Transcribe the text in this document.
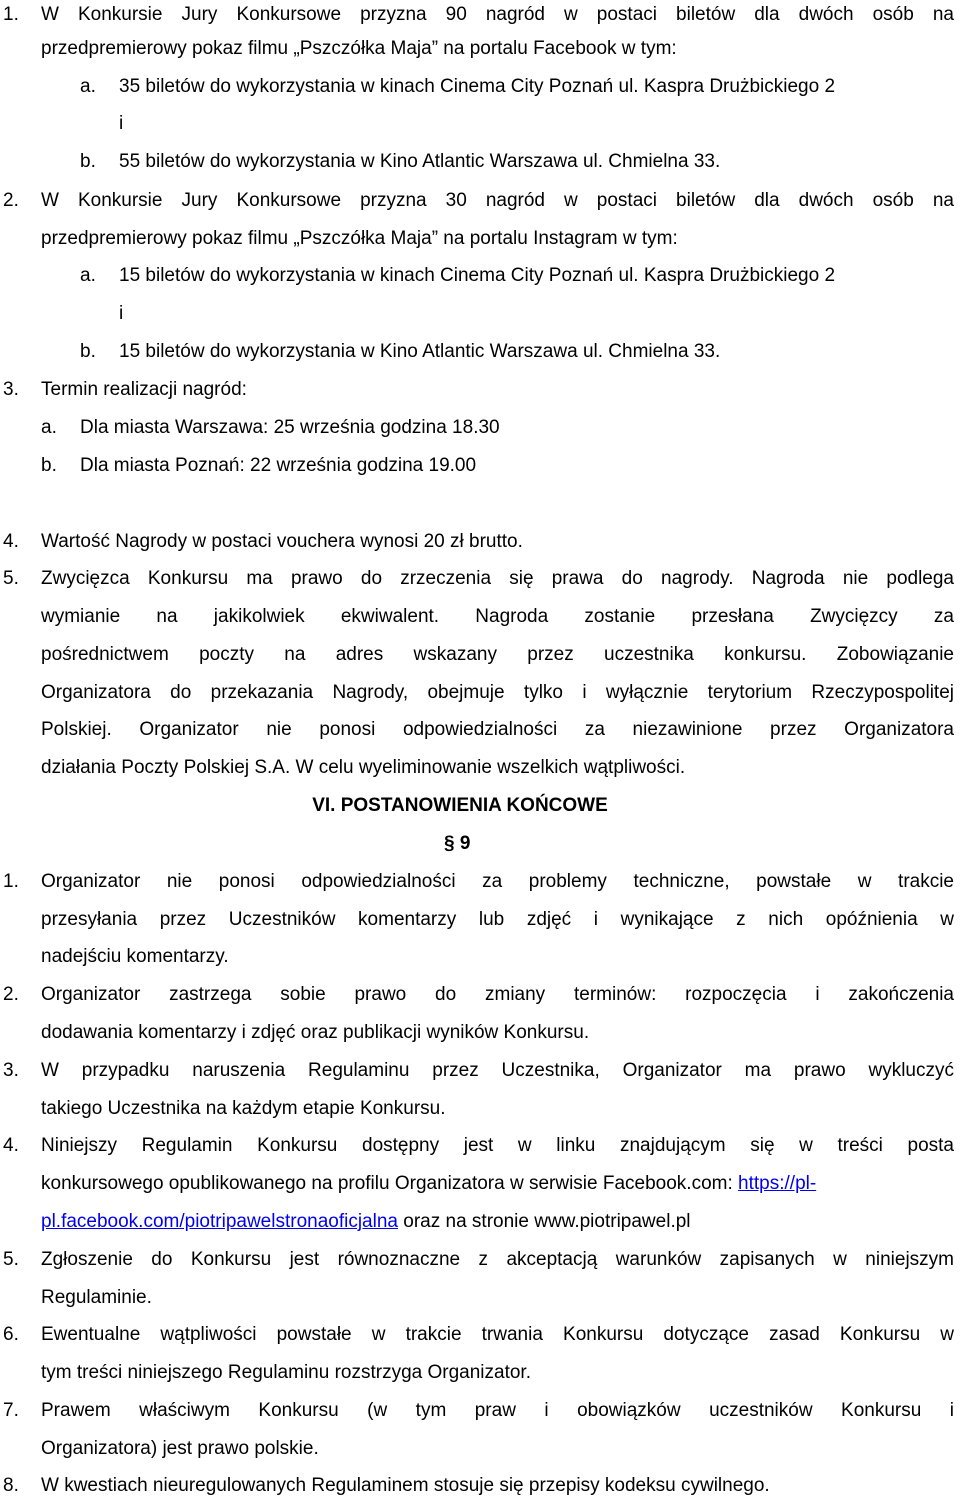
1. W Konkursie Jury Konkursowe przyzna 90 nagród w postaci biletów dla dwóch osób na
przedpremierowy pokaz filmu „Pszczółka Maja” na portalu Facebook w tym:
a. 35 biletów do wykorzystania w kinach Cinema City Poznań ul. Kaspra Drużbickiego 2
i
b. 55 biletów do wykorzystania w Kino Atlantic Warszawa ul. Chmielna 33.
2. W Konkursie Jury Konkursowe przyzna 30 nagród w postaci biletów dla dwóch osób na
przedpremierowy pokaz filmu „Pszczółka Maja” na portalu Instagram w tym:
a. 15 biletów do wykorzystania w kinach Cinema City Poznań ul. Kaspra Drużbickiego 2
i
b. 15 biletów do wykorzystania w Kino Atlantic Warszawa ul. Chmielna 33.
3. Termin realizacji nagród:
a. Dla miasta Warszawa: 25 września godzina 18.30
b. Dla miasta Poznań: 22 września godzina 19.00
4. Wartość Nagrody w postaci vouchera wynosi 20 zł brutto.
5. Zwycięzca Konkursu ma prawo do zrzeczenia się prawa do nagrody. Nagroda nie podlega
wymianie na jakikolwiek ekwiwalent. Nagroda zostanie przesłana Zwycięzcy za
pośrednictwem poczty na adres wskazany przez uczestnika konkursu. Zobowiązanie
Organizatora do przekazania Nagrody, obejmuje tylko i wyłącznie terytorium Rzeczypospolitej
Polskiej. Organizator nie ponosi odpowiedzialności za niezawinione przez Organizatora
działania Poczty Polskiej S.A. W celu wyeliminowanie wszelkich wątpliwości.
VI. POSTANOWIENIA KOŃCOWE
§ 9
1. Organizator nie ponosi odpowiedzialności za problemy techniczne, powstałe w trakcie
przesyłania przez Uczestników komentarzy lub zdjęć i wynikające z nich opóźnienia w
nadejściu komentarzy.
2. Organizator zastrzega sobie prawo do zmiany terminów: rozpoczęcia i zakończenia
dodawania komentarzy i zdjęć oraz publikacji wyników Konkursu.
3. W przypadku naruszenia Regulaminu przez Uczestnika, Organizator ma prawo wykluczyć
takiego Uczestnika na każdym etapie Konkursu.
4. Niniejszy Regulamin Konkursu dostępny jest w linku znajdującym się w treści posta
konkursowego opublikowanego na profilu Organizatora w serwisie Facebook.com: https://pl-
pl.facebook.com/piotripawelstronaoficjalna oraz na stronie www.piotripawel.pl
5. Zgłoszenie do Konkursu jest równoznaczne z akceptacją warunków zapisanych w niniejszym
Regulaminie.
6. Ewentualne wątpliwości powstałe w trakcie trwania Konkursu dotyczące zasad Konkursu w
tym treści niniejszego Regulaminu rozstrzyga Organizator.
7. Prawem właściwym Konkursu (w tym praw i obowiązków uczestników Konkursu i
Organizatora) jest prawo polskie.
8. W kwestiach nieuregulowanych Regulaminem stosuje się przepisy kodeksu cywilnego.
